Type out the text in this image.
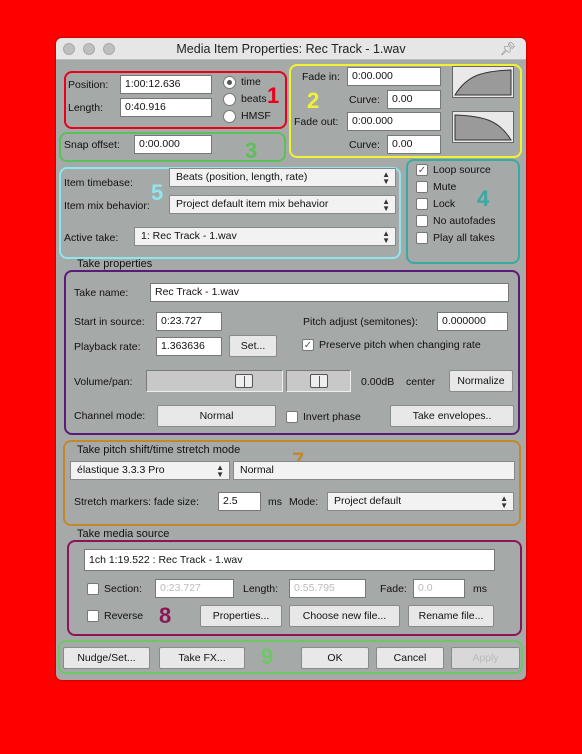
Media Item Properties: Rec Track - 1.wav	📌︎
1 2
3
4
5
8
9
Position:	1:00:12.636
Length:	0:40.916
time
beats
HMSF
Snap offset:	0:00.000
Fade in:	0:00.000
Curve:	0.00
Fade out:	0:00.000
Curve:	0.00
Item timebase:	Beats (position, length, rate)	▲
▼
Item mix behavior:	Project default item mix behavior	▲
▼
Active take:	1: Rec Track - 1.wav	▲
▼
✓ Loop source
Mute
Lock
No autofades
Play all takes
Take properties
Take name:	Rec Track - 1.wav
Start in source:	0:23.727	Pitch adjust (semitones):	0.000000
Playback rate:	1.363636	Set...	✓ Preserve pitch when changing rate
Volume/pan:	0.00dB center	Normalize
Channel mode:	Normal	Invert phase	Take envelopes..
Take pitch shift/time stretch mode
élastique 3.3.3 Pro	▲
▼	Normal
Stretch markers: fade size:	2.5	ms Mode:	Project default	▲
▼
Take media source
1ch 1:19.522 : Rec Track - 1.wav
Section:	0:23.727	Length:	0:55.795	Fade:	0.0	ms
Reverse	Properties...	Choose new file...	Rename file...
Nudge/Set...	Take FX...	OK	Cancel	Apply
